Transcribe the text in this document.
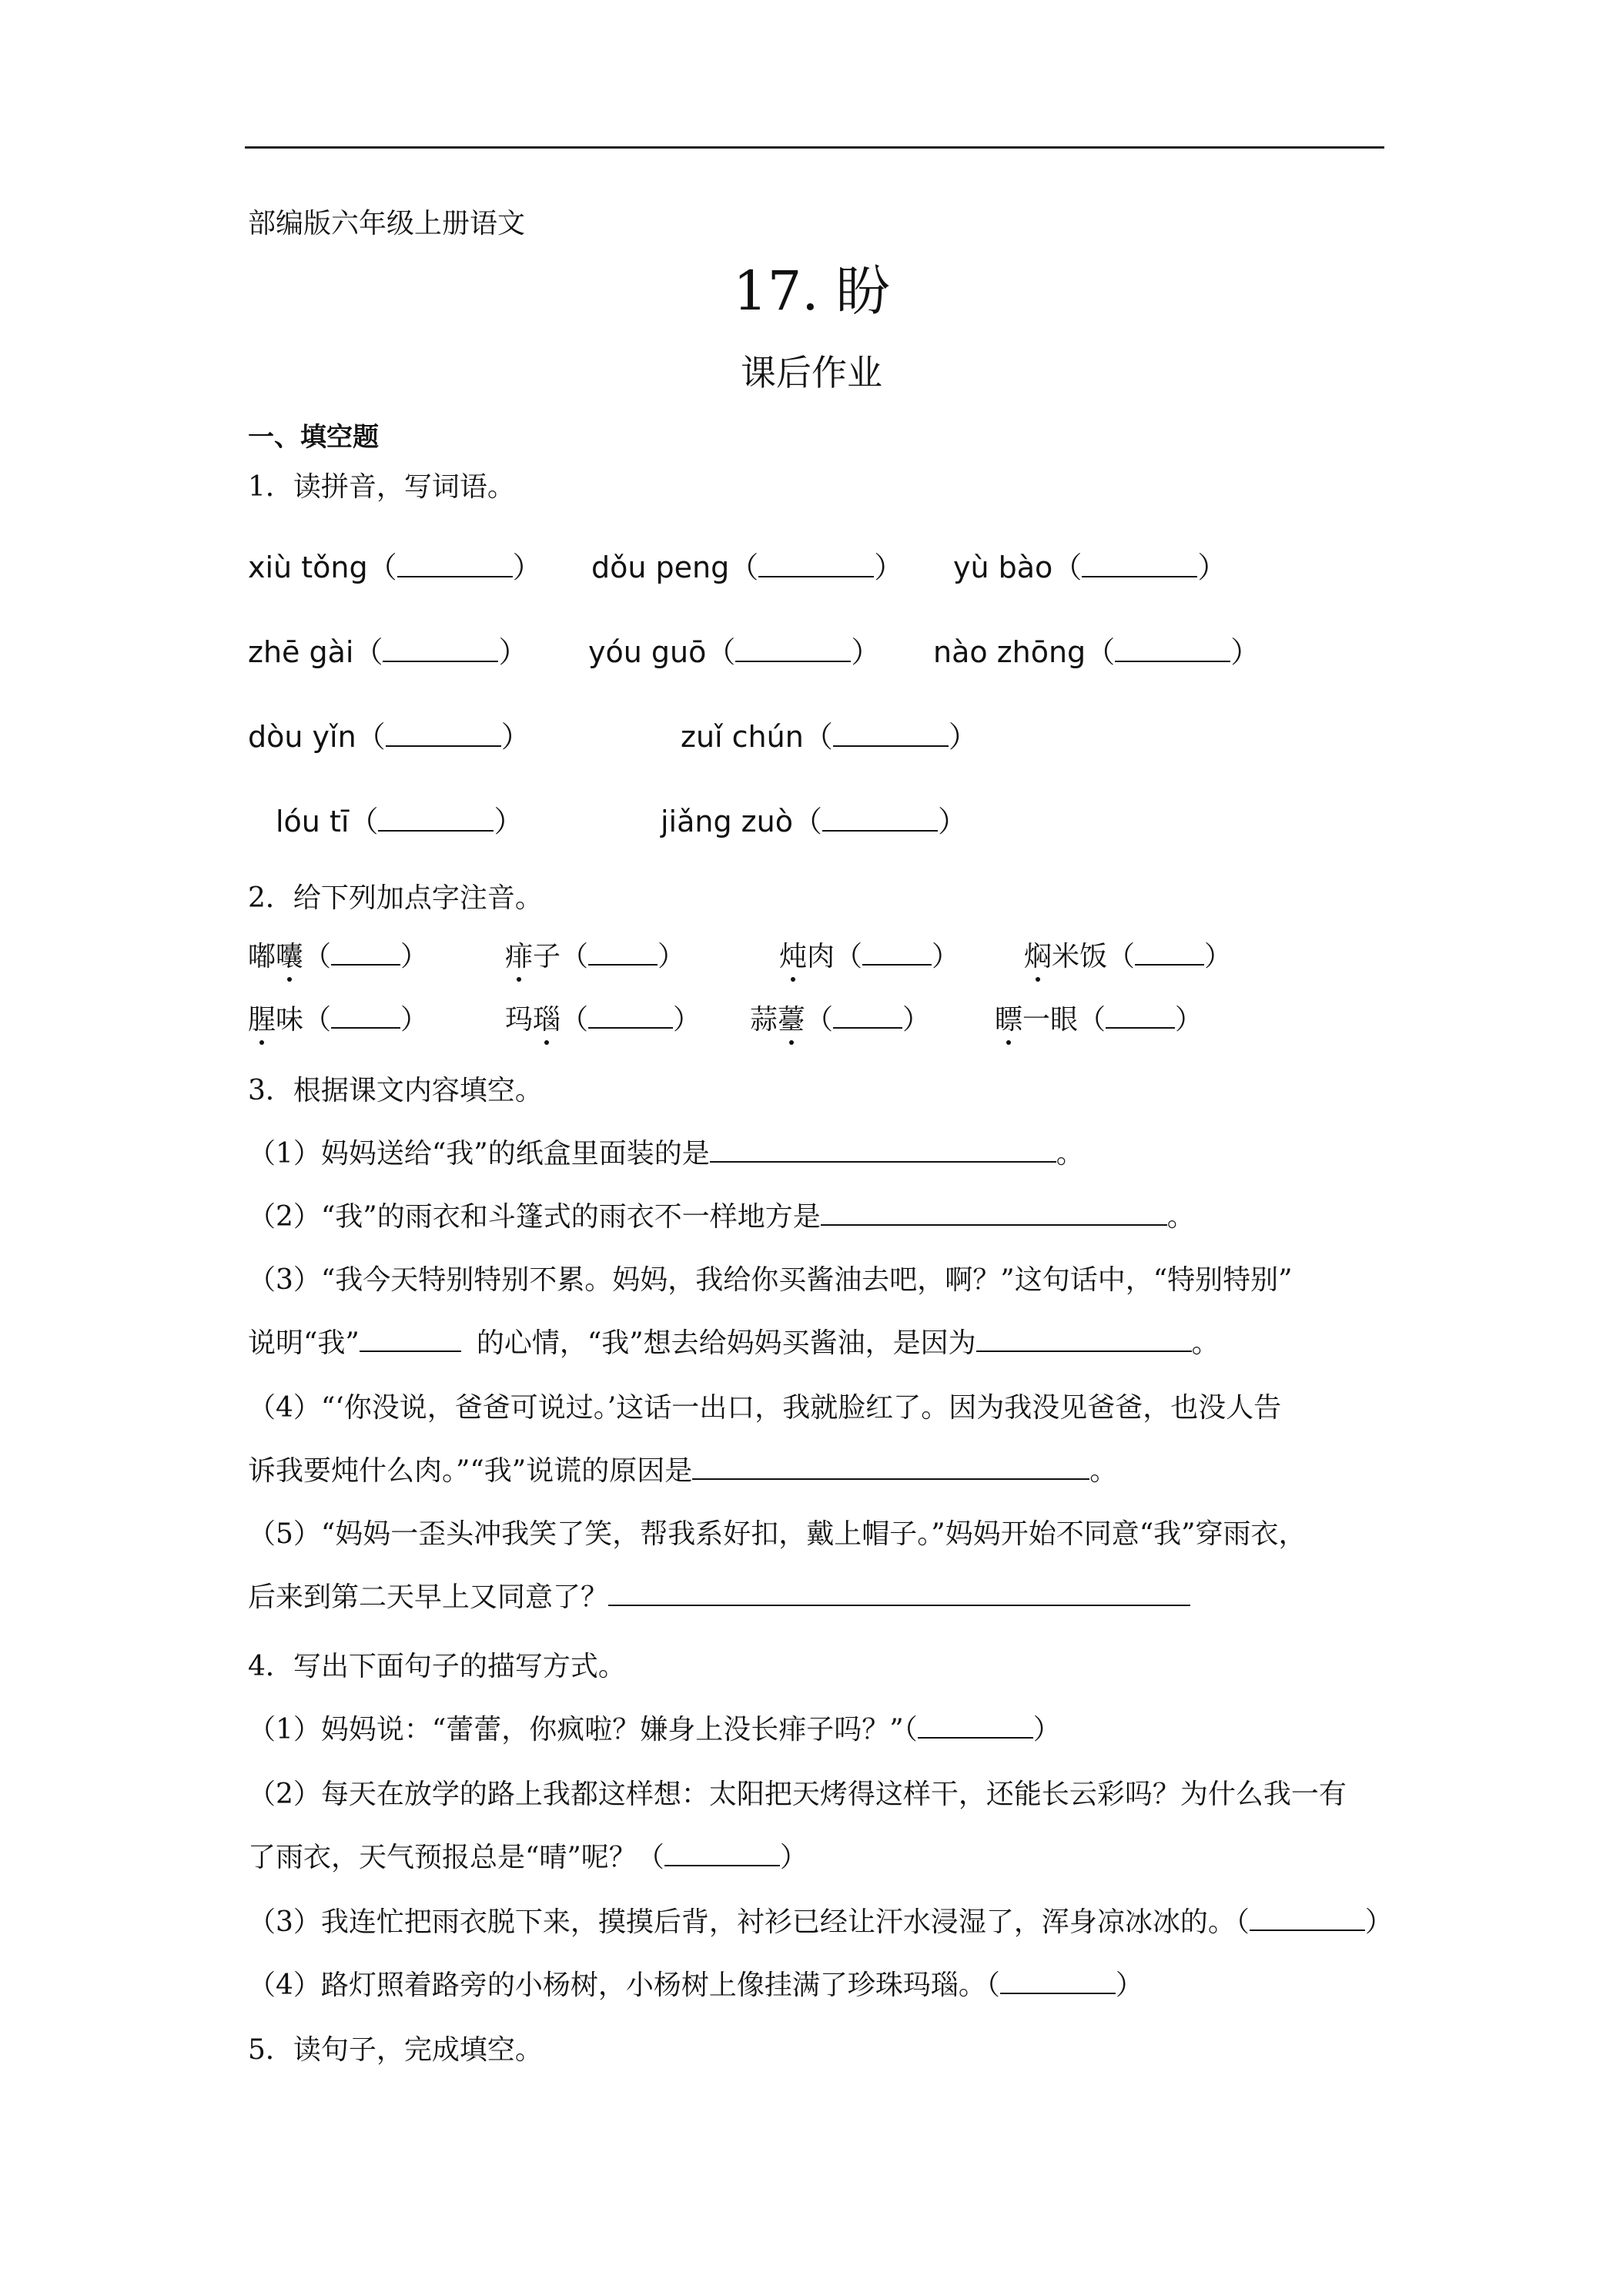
部编版六年级上册语文
17. 盼
课后作业
一、填空题
1．读拼音，写词语。
xiù tǒng（	） dǒu peng（	） yù bào（	）
zhē gài（	） yóu guō（	） nào zhōng（	）
dòu yǐn（	）	zuǐ chún（	）
lóu tī（	）	jiǎng zuò（	）
2．给下列加点字注音。
嘟囔（	）	痱子（	）	炖肉（	） 焖米饭（	）
腥味（	）	玛瑙（	） 蒜薹（	） 瞟一眼（	）
3．根据课文内容填空。
（1）妈妈送给“我”的纸盒里面装的是	。
（2）“我”的雨衣和斗篷式的雨衣不一样地方是	。
（3）“我今天特别特别不累。妈妈，我给你买酱油去吧，啊？”这句话中，“特别特别”
说明“我”	的心情，“我”想去给妈妈买酱油，是因为	。
（4）“‘你没说，爸爸可说过。’这话一出口，我就脸红了。因为我没见爸爸，也没人告
诉我要炖什么肉。”“我”说谎的原因是	。
（5）“妈妈一歪头冲我笑了笑，帮我系好扣，戴上帽子。”妈妈开始不同意“我”穿雨衣，
后来到第二天早上又同意了？
4．写出下面句子的描写方式。
（1）妈妈说：“蕾蕾，你疯啦？嫌身上没长痱子吗？”（	）
（2）每天在放学的路上我都这样想：太阳把天烤得这样干，还能长云彩吗？为什么我一有
了雨衣，天气预报总是“晴”呢？（	）
（3）我连忙把雨衣脱下来，摸摸后背，衬衫已经让汗水浸湿了，浑身凉冰冰的。（	）
（4）路灯照着路旁的小杨树，小杨树上像挂满了珍珠玛瑙。（	）
5．读句子，完成填空。
